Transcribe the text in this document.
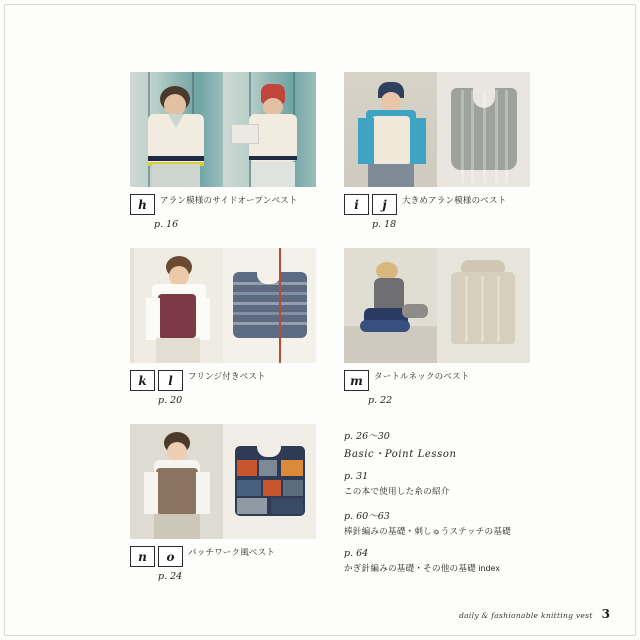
h	アラン模様のサイドオープンベスト
p. 16
i	j	大きめアラン模様のベスト
p. 18
k	l	フリンジ付きベスト
p. 20
m	タートルネックのベスト
p. 22
n	o	パッチワーク風ベスト
p. 24
p. 26〜30
Basic・Point Lesson
p. 31
この本で使用した糸の紹介
p. 60〜63
棒針編みの基礎・刺しゅうステッチの基礎
p. 64
かぎ針編みの基礎・その他の基礎 index
daily & fashionable knitting vest 3
